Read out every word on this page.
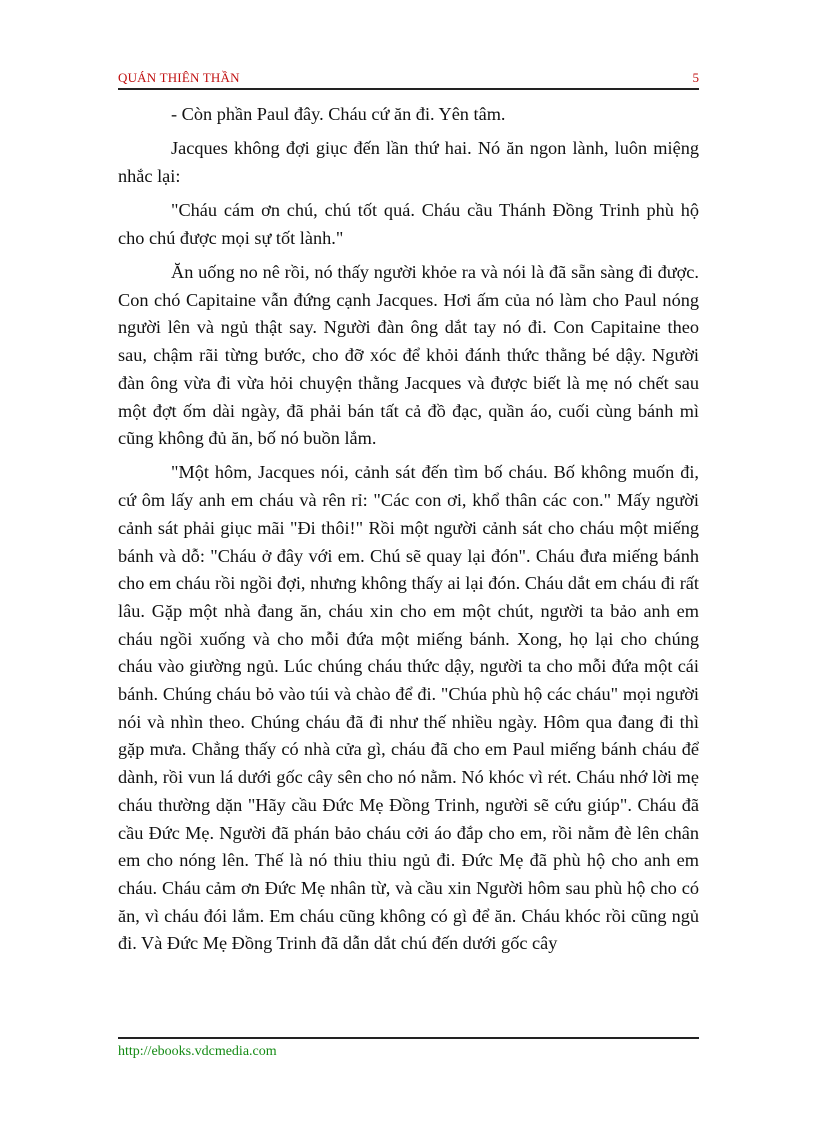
QUÁN THIÊN THẦN	5

- Còn phần Paul đây. Cháu cứ ăn đi. Yên tâm.

Jacques không đợi giục đến lần thứ hai. Nó ăn ngon lành, luôn miệng nhắc lại:

"Cháu cám ơn chú, chú tốt quá. Cháu cầu Thánh Đồng Trinh phù hộ cho chú được mọi sự tốt lành."

Ăn uống no nê rồi, nó thấy người khỏe ra và nói là đã sẵn sàng đi được. Con chó Capitaine vẫn đứng cạnh Jacques. Hơi ấm của nó làm cho Paul nóng người lên và ngủ thật say. Người đàn ông dắt tay nó đi. Con Capitaine theo sau, chậm rãi từng bước, cho đỡ xóc để khỏi đánh thức thằng bé dậy. Người đàn ông vừa đi vừa hỏi chuyện thằng Jacques và được biết là mẹ nó chết sau một đợt ốm dài ngày, đã phải bán tất cả đồ đạc, quần áo, cuối cùng bánh mì cũng không đủ ăn, bố nó buồn lắm.

"Một hôm, Jacques nói, cảnh sát đến tìm bố cháu. Bố không muốn đi, cứ ôm lấy anh em cháu và rên rỉ: "Các con ơi, khổ thân các con." Mấy người cảnh sát phải giục mãi "Đi thôi!" Rồi một người cảnh sát cho cháu một miếng bánh và dỗ: "Cháu ở đây với em. Chú sẽ quay lại đón". Cháu đưa miếng bánh cho em cháu rồi ngồi đợi, nhưng không thấy ai lại đón. Cháu dắt em cháu đi rất lâu. Gặp một nhà đang ăn, cháu xin cho em một chút, người ta bảo anh em cháu ngồi xuống và cho mỗi đứa một miếng bánh. Xong, họ lại cho chúng cháu vào giường ngủ. Lúc chúng cháu thức dậy, người ta cho mỗi đứa một cái bánh. Chúng cháu bỏ vào túi và chào để đi. "Chúa phù hộ các cháu" mọi người nói và nhìn theo. Chúng cháu đã đi như thế nhiều ngày. Hôm qua đang đi thì gặp mưa. Chẳng thấy có nhà cửa gì, cháu đã cho em Paul miếng bánh cháu để dành, rồi vun lá dưới gốc cây sên cho nó nằm. Nó khóc vì rét. Cháu nhớ lời mẹ cháu thường dặn "Hãy cầu Đức Mẹ Đồng Trinh, người sẽ cứu giúp". Cháu đã cầu Đức Mẹ. Người đã phán bảo cháu cởi áo đắp cho em, rồi nằm đè lên chân em cho nóng lên. Thế là nó thiu thiu ngủ đi. Đức Mẹ đã phù hộ cho anh em cháu. Cháu cảm ơn Đức Mẹ nhân từ, và cầu xin Người hôm sau phù hộ cho có ăn, vì cháu đói lắm. Em cháu cũng không có gì để ăn. Cháu khóc rồi cũng ngủ đi. Và Đức Mẹ Đồng Trinh đã dẫn dắt chú đến dưới gốc cây

http://ebooks.vdcmedia.com
